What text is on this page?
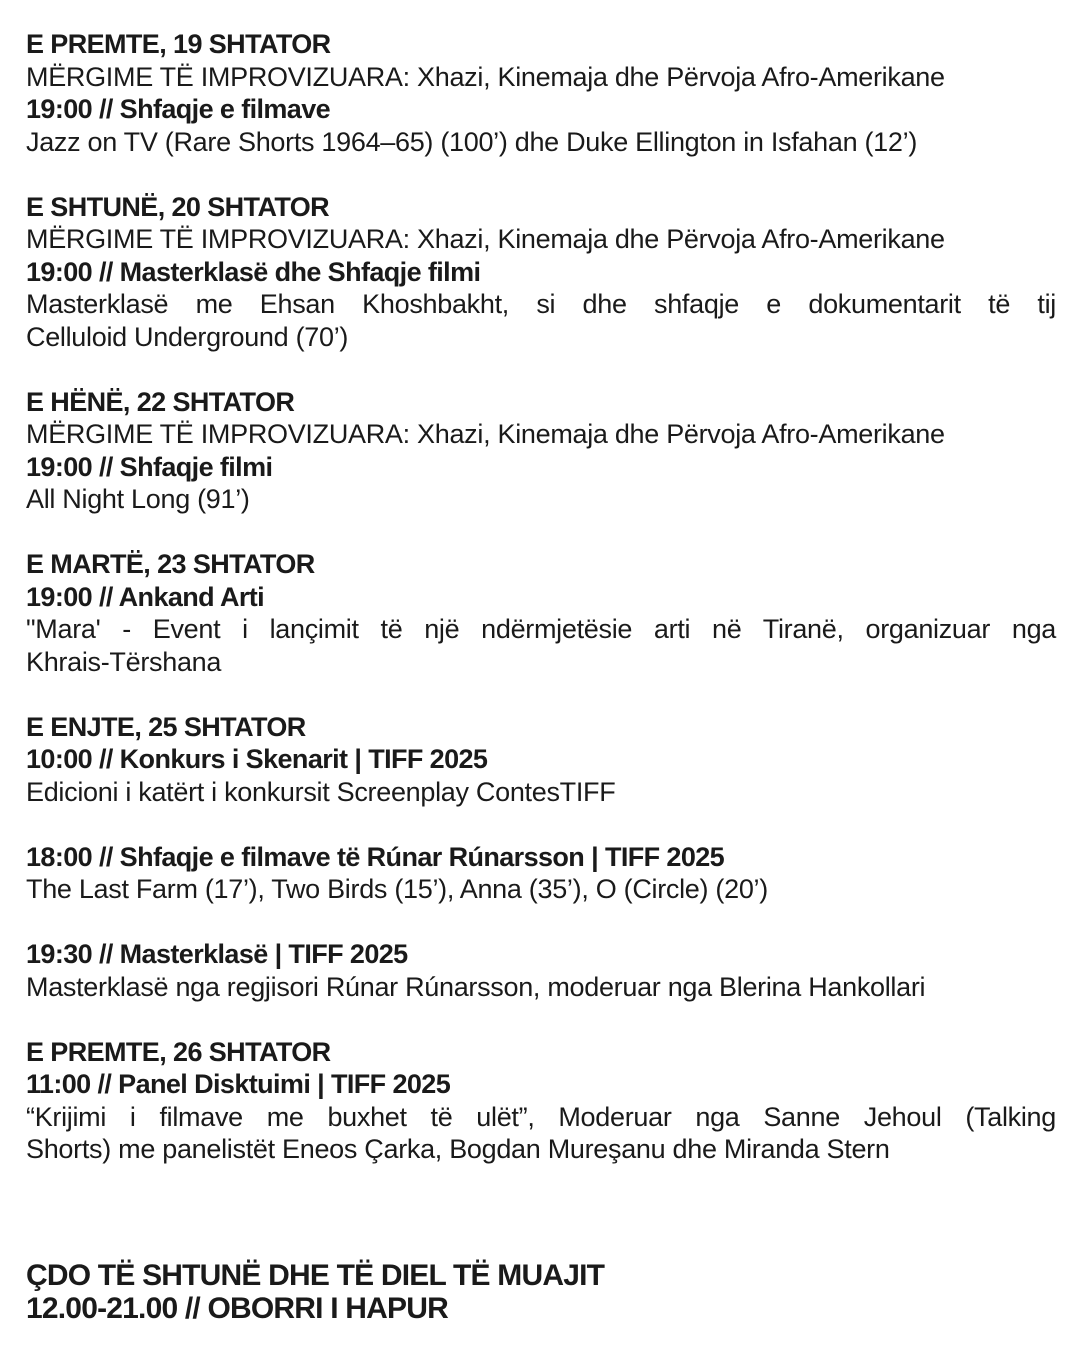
E PREMTE, 19 SHTATOR

MËRGIME TË IMPROVIZUARA: Xhazi, Kinemaja dhe Përvoja Afro-Amerikane

19:00 // Shfaqje e filmave

Jazz on TV (Rare Shorts 1964–65) (100’) dhe Duke Ellington in Isfahan (12’)

E SHTUNË, 20 SHTATOR

MËRGIME TË IMPROVIZUARA: Xhazi, Kinemaja dhe Përvoja Afro-Amerikane

19:00 // Masterklasë dhe Shfaqje filmi

Masterklasë me Ehsan Khoshbakht, si dhe shfaqje e dokumentarit të tij
Celluloid Underground (70’)

E HËNË, 22 SHTATOR

MËRGIME TË IMPROVIZUARA: Xhazi, Kinemaja dhe Përvoja Afro-Amerikane

19:00 // Shfaqje filmi

All Night Long (91’)

E MARTË, 23 SHTATOR

19:00 // Ankand Arti

"Mara' - Event i lançimit të një ndërmjetësie arti në Tiranë, organizuar nga
Khrais-Tërshana

E ENJTE, 25 SHTATOR

10:00 // Konkurs i Skenarit | TIFF 2025

Edicioni i katërt i konkursit Screenplay ContesTIFF

18:00 // Shfaqje e filmave të Rúnar Rúnarsson | TIFF 2025

The Last Farm (17’), Two Birds (15’), Anna (35’), O (Circle) (20’)

19:30 // Masterklasë | TIFF 2025

Masterklasë nga regjisori Rúnar Rúnarsson, moderuar nga Blerina Hankollari

E PREMTE, 26 SHTATOR

11:00 // Panel Disktuimi | TIFF 2025

“Krijimi i filmave me buxhet të ulët”, Moderuar nga Sanne Jehoul (Talking
Shorts) me panelistët Eneos Çarka, Bogdan Mureşanu dhe Miranda Stern

ÇDO TË SHTUNË DHE TË DIEL TË MUAJIT

12.00-21.00 // OBORRI I HAPUR
